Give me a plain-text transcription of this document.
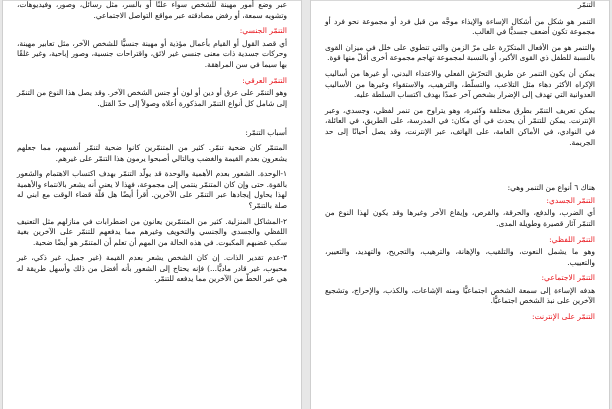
عبر وضع أمور مهينة للشخص سواء علنًا أو بالسر، مثل رسائل، وصور، وفيديوهات، وتشويه سمعة، أو رفض مصادقته عبر مواقع التواصل الاجتماعي.

التنمّر الجنسي:

أي قصد القول أو القيام بأعمال مؤذية أو مهينة جنسيًّا للشخص الآخر، مثل تعابير مهينة، وحركات جسدية ذات معنى جنسي غير لائق، واقتراحات جنسية، وصور إباحية، وغير غلقًا بها سيما في سن المراهقة.

التنمّر العرقي:

وهو التنمّر على عرق أو دين أو لون أو جنس الشخص الآخر. وقد يصل هذا النوع من التنمّر إلى شامل كل أنواع التنمّر المذكورة أعلاه وصولاً إلى حدّ القتل.

أسباب التنمّر:

المتنمّر كان ضحية تنمّر. كثير من المتنمّرين كانوا ضحية لتنمّر أنفسهم، مما جعلهم يشعرون بعدم القيمة والغضب وبالتالي أصبحوا يرمون هذا التنمّر على غيرهم.

١-الوحدة. الشعور بعدم الأهمية والوحدة قد يولّد التنمّر بهدف اكتساب الاهتمام والشعور بالقوة. حتى وإن كان المتنمّر ينتمي إلى مجموعة، فهذا لا يعني أنه يشعر بالانتماء والأهمية لهذا يحاول إيجادها عبر التنمّر على الآخرين. أقرأ أيضًا هل قلّة قضاء الوقت مع ابني له صلة بالتنمّر؟

٢-المشاكل المنزلية. كثير من المتنمّرين يعانون من اضطرابات في منازلهم مثل التعنيف اللفظي والجسدي والجنسي والتخويف وغيرهم مما يدفعهم للتنمّر على الآخرين بغية سكب غضبهم المكبوت. في هذه الحالة من المهم أن تعلم أن المتنمّر هو أيضًا ضحية.

٣-عدم تقدير الذات. إن كان الشخص يشعر بعدم القيمة (غير جميل، غير ذكي، غير محبوب، غير قادر ماديًّا...) فإنه يحتاج إلى الشعور بأنه أفضل من ذلك وأسهل طريقة له هي عبر الحطّ من الآخرين مما يدفعه للتنمّر.

التنمّر

التنمر هو شكل من أشكال الإساءة والإيذاء موجَّه من قبل فرد أو مجموعة نحو فرد أو مجموعة تكون أضعف جسديًّا في الغالب.

والتنمر هو من الأفعال المتكرّرة على مرّ الزمن والتي تنطوي على خلل في ميزان القوى بالنسبة للطفل ذي القوى الأكبر، أو بالنسبة لمجموعة تهاجم مجموعة أخرى أقلّ منها قوة.

يمكن أن يكون التنمر عن طريق التحرّش الفعلي والاعتداء البدني، أو غيرها من أساليب الإكراه الأكثر دهاء مثل التلاعب، والتسلّط، والترهيب، والاستقواء وغيرها من الأساليب العدوانية التي تهدف إلى الإضرار بشخص آخر عمدًا بهدف اكتساب السلطة عليه.

يمكن تعريف التنمّر بطرق مختلفة وكثيرة، وهو يتراوح من تنمر لفظي، وجسدي، وعبر الإنترنت. يمكن للتنمّر أن يحدث في أي مكان: في المدرسة، على الطريق، في العائلة، في النوادي، في الأماكن العامة، على الهاتف، عبر الإنترنت، وقد يصل أحيانًا إلى حد الجريمة.

هناك ٦ أنواع من التنمر وهي:

التنمّر الجسدي:

أي الضرب، والدفع، والحرقة، والقرص، وإيقاع الأخر وغيرها وقد يكون لهذا النوع من التنمّر آثار قصيرة وطويلة المدى.

التنمّر اللفظي:

وهو ما يشمل النعوت، والتلقيب، والإهانة، والترهيب، والتجريح، والتهديد، والتعيير، والتعييب.

التنمّر الاجتماعي:

هدفه الإساءة إلى سمعة الشخص اجتماعيًّا ومنه الإشاعات، والكذب، والإحراج، وتشجيع الآخرين على نبذ الشخص اجتماعيًّا.

التنمّر على الإنترنت:
